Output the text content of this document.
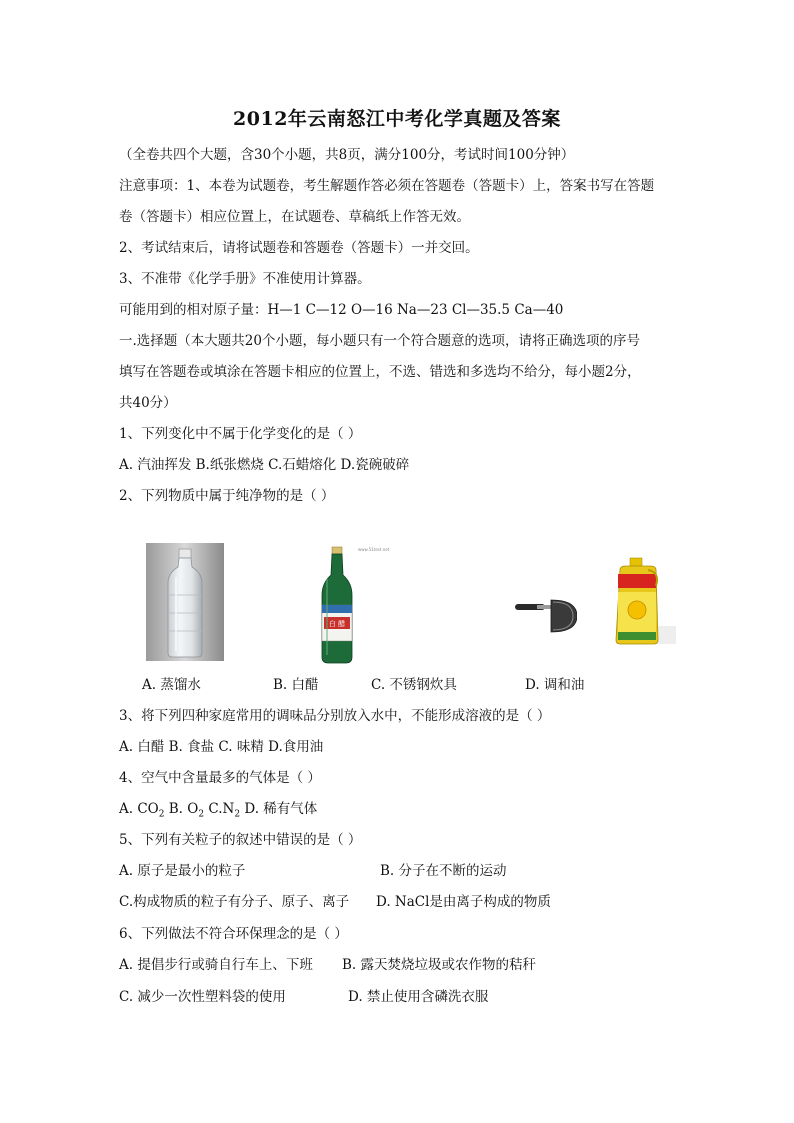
2012年云南怒江中考化学真题及答案
（全卷共四个大题，含30个小题，共8页，满分100分，考试时间100分钟）
注意事项：1、本卷为试题卷，考生解题作答必须在答题卷（答题卡）上，答案书写在答题
卷（答题卡）相应位置上，在试题卷、草稿纸上作答无效。
2、考试结束后，请将试题卷和答题卷（答题卡）一并交回。
3、不准带《化学手册》不准使用计算器。
可能用到的相对原子量：H—1 C—12 O—16 Na—23 Cl—35.5 Ca—40
一.选择题（本大题共20个小题，每小题只有一个符合题意的选项，请将正确选项的序号
填写在答题卷或填涂在答题卡相应的位置上，不选、错选和多选均不给分，每小题2分，
共40分）
1、下列变化中不属于化学变化的是（ ）
A. 汽油挥发 B.纸张燃烧 C.石蜡熔化 D.瓷碗破碎
2、下列物质中属于纯净物的是（ ）
www.51test.net
白 醋
A. 蒸馏水	B. 白醋	C. 不锈钢炊具	D. 调和油
3、将下列四种家庭常用的调味品分别放入水中，不能形成溶液的是（ ）
A. 白醋 B. 食盐 C. 味精 D.食用油
4、空气中含量最多的气体是（ ）
A. $CO_2$ B. $O_2$ $C.N_2$ D. 稀有气体
5、下列有关粒子的叙述中错误的是（ ）
A. 原子是最小的粒子	B. 分子在不断的运动
C.构成物质的粒子有分子、原子、离子 D. NaCl是由离子构成的物质
6、下列做法不符合环保理念的是（ ）
A. 提倡步行或骑自行车上、下班 B. 露天焚烧垃圾或农作物的秸秆
C. 减少一次性塑料袋的使用	D. 禁止使用含磷洗衣服
